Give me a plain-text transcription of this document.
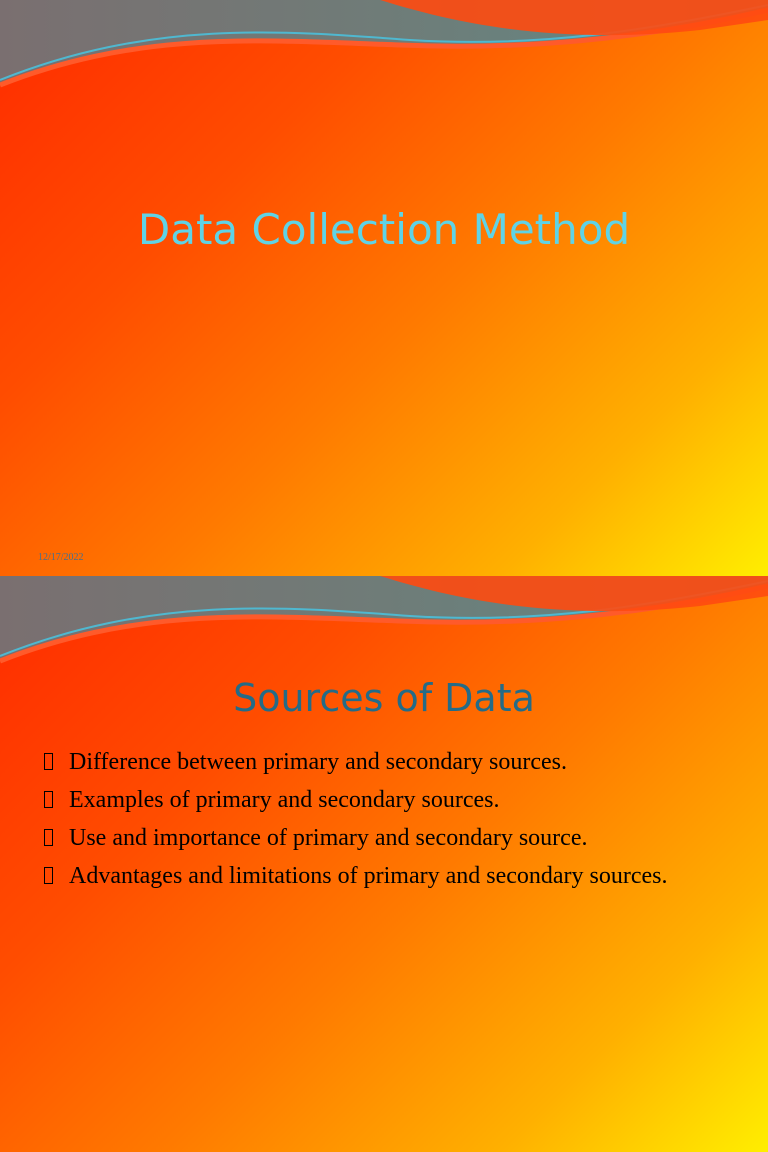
Data Collection Method
12/17/2022
Sources of Data
Difference between primary and secondary sources.
Examples of primary and secondary sources.
Use and importance of primary and secondary source.
Advantages and limitations of primary and secondary sources.
